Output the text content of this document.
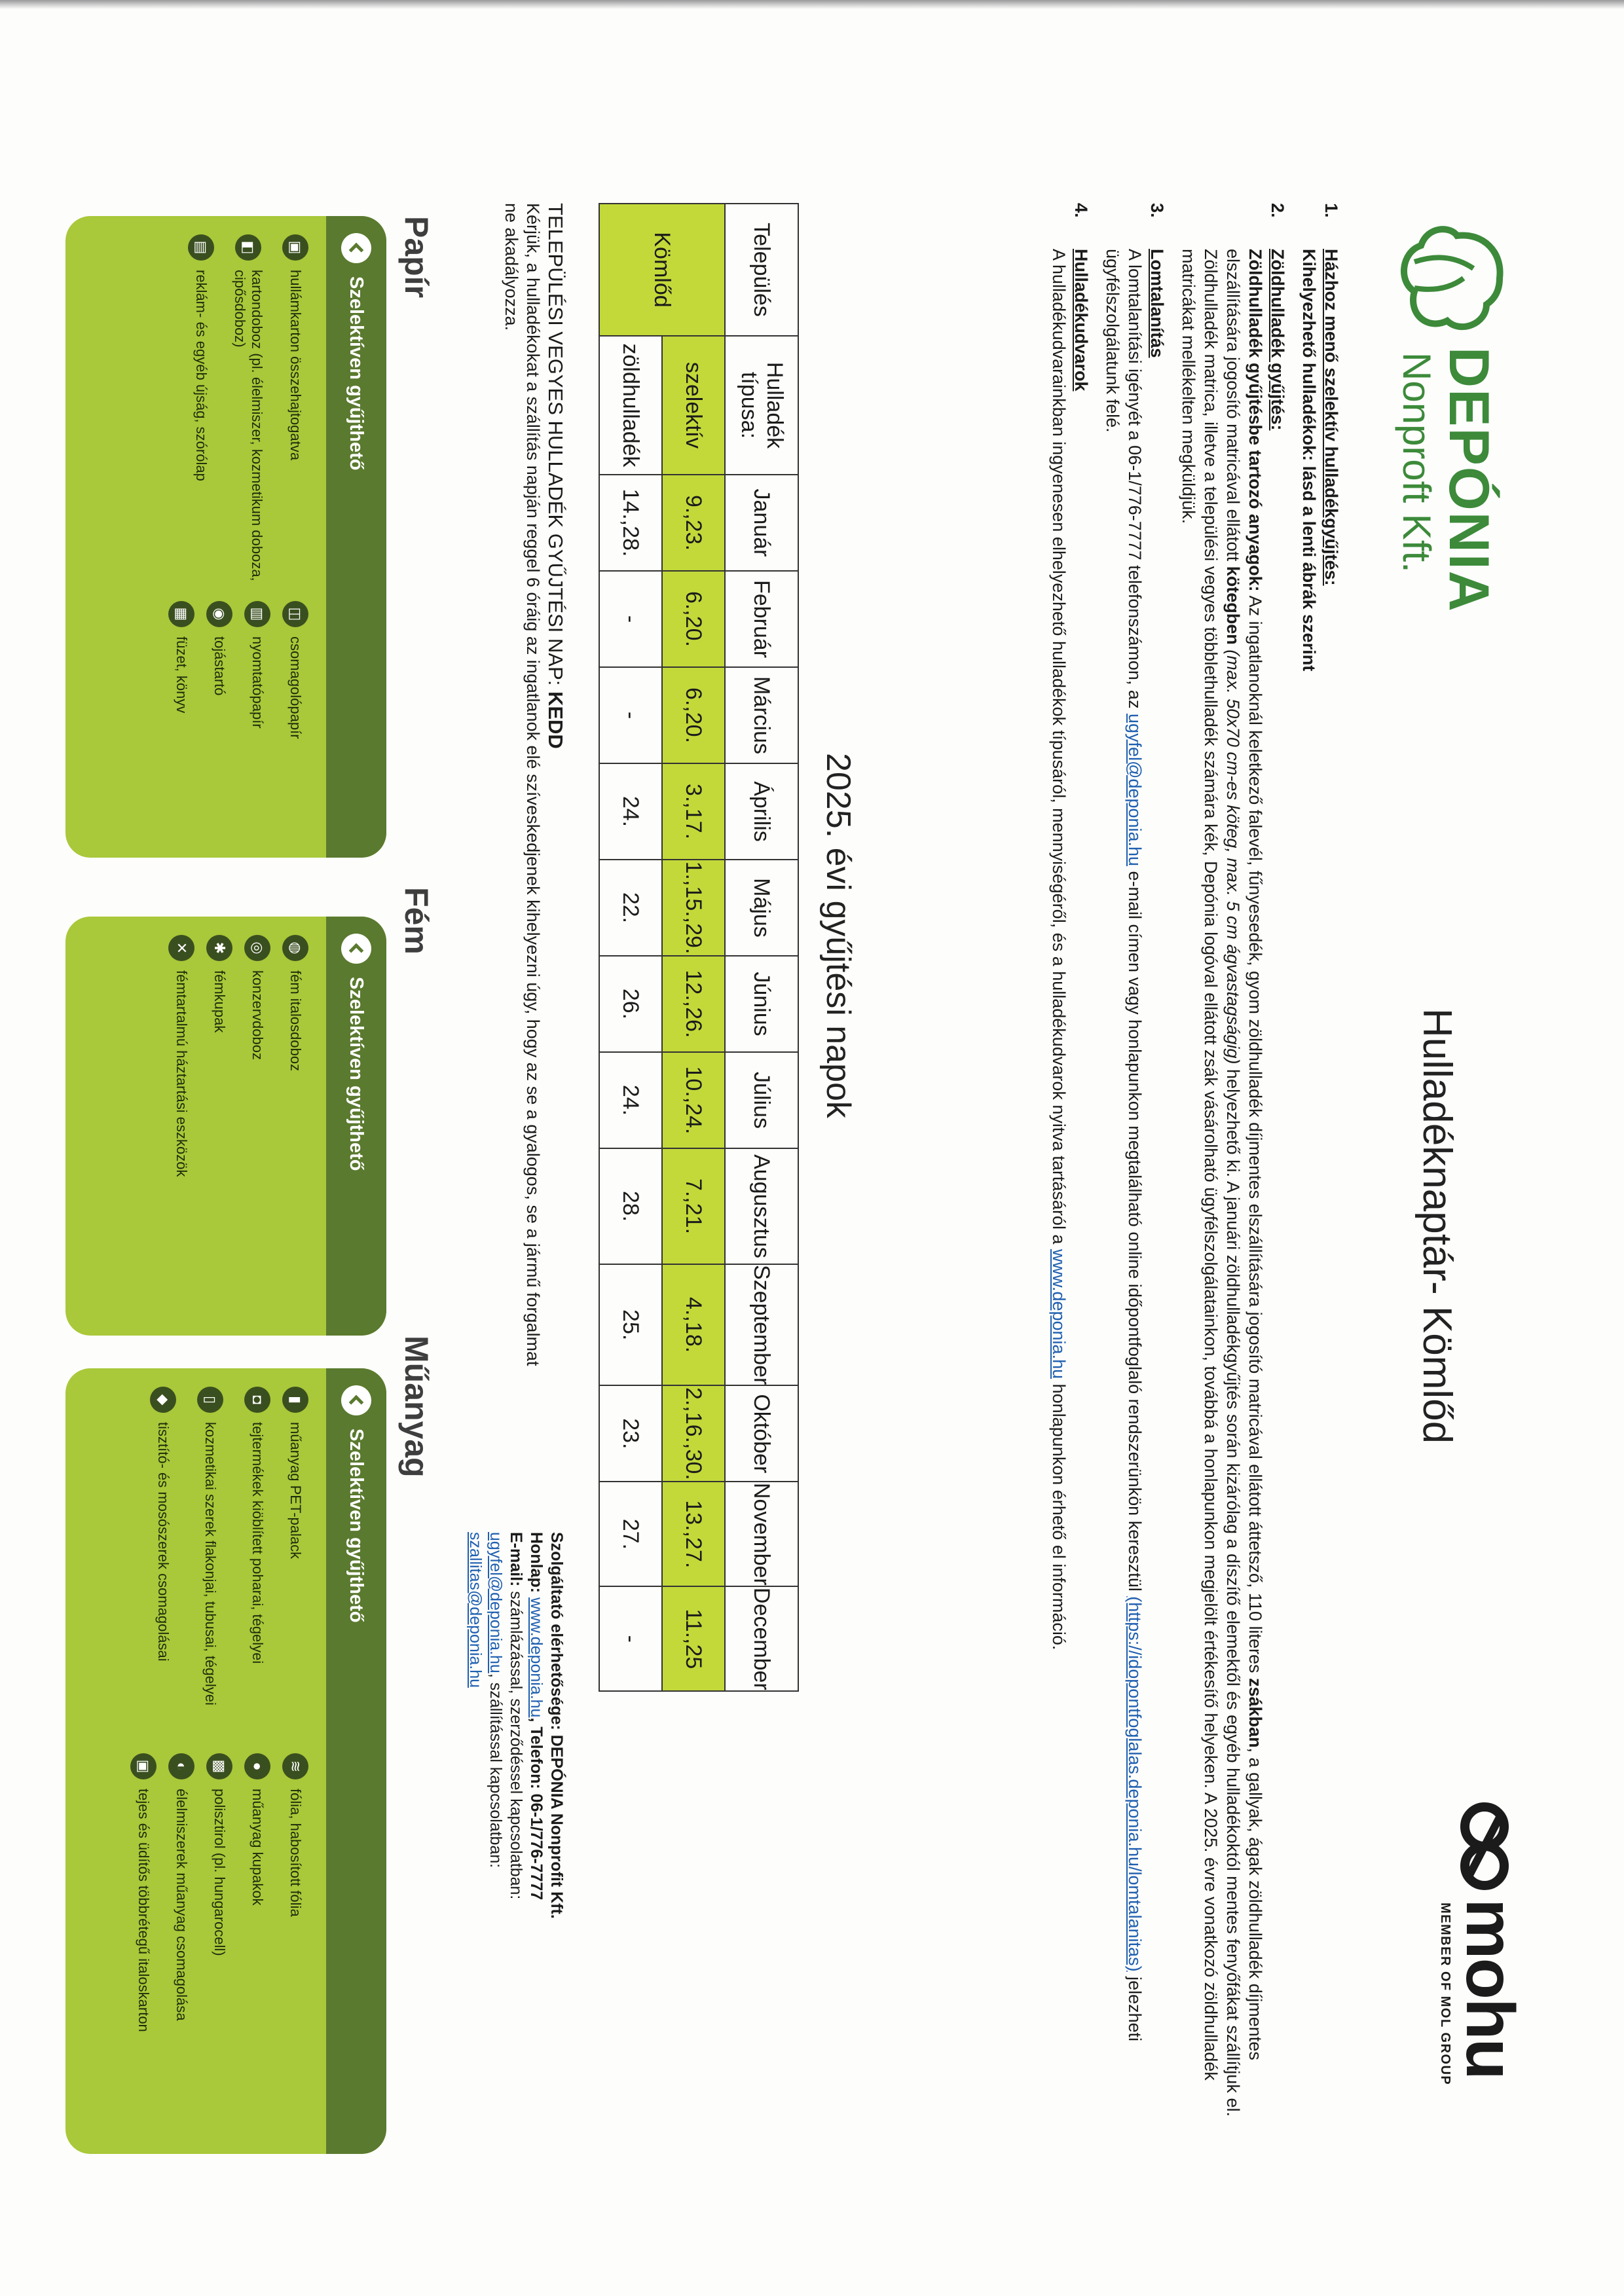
DEPÓNIA
Nonproft Kft.
Hulladéknaptár- Kömlőd
mohu
MEMBER OF MOL GROUP
1.
Házhoz menő szelektív hulladékgyűjtés:
Kihelyezhető hulladékok: lásd a lenti ábrák szerint
2.
Zöldhulladék gyűjtés:
Zöldhulladék gyűjtésbe tartozó anyagok: Az ingatlanoknál keletkező falevél, fűnyesedék, gyom zöldhulladék díjmentes elszállítására jogosító matricával ellátott áttetsző, 110 literes zsákban, a gallyak, ágak zöldhulladék díjmentes elszállítására jogosító matricával ellátott kötegben (max. 50x70 cm-es köteg, max. 5 cm ágvastagságig) helyezhető ki. A januári zöldhulladékgyűjtés során kizárólag a díszítő elemektől és egyéb hulladékoktól mentes fenyőfákat szállítjuk el. Zöldhulladék matrica, illetve a települési vegyes többlethulladék számára kék, Depónia logóval ellátott zsák vásárolható ügyfélszolgálatainkon, továbbá a honlapunkon megjelölt értékesítő helyeken. A 2025. évre vonatkozó zöldhulladék matricákat mellékelten megküldjük.
3.
Lomtalanítás
A lomtalanítási igényét a 06-1/776-7777 telefonszámon, az ugyfel@deponia.hu e-mail címen vagy honlapunkon megtalálható online időpontfoglaló rendszerünkön keresztül (https://idopontfoglalas.deponia.hu/lomtalanitas) jelezheti ügyfélszolgálatunk felé.
4.
Hulladékudvarok
A hulladékudvarainkban ingyenesen elhelyezhető hulladékok típusáról, mennyiségéről, és a hulladékudvarok nyitva tartásáról a www.deponia.hu honlapunkon érhető el információ.
2025. évi gyűjtési napok
Település	Hulladék típusa:	Január	Február	Március	Április	Május	Június	Július	Augusztus	Szeptember	Október	November	December
Kömlőd	szelektív	9.,23.	6.,20.	6.,20.	3.,17.	1.,15.,29.	12.,26.	10.,24.	7.,21.	4.,18.	2.,16.,30.	13.,27.	11.,25
	zöldhulladék	14.,28.	-	-	24.	22.	26.	24.	28.	25.	23.	27.	-
TELEPÜLÉSI VEGYES HULLADÉK GYŰJTÉSI NAP: KEDD
Kérjük, a hulladékokat a szállítás napján reggel 6 óráig az ingatlanok elé szíveskedjenek kihelyezni úgy, hogy az se a gyalogos, se a jármű forgalmat ne akadályozza.
Szolgáltató elérhetősége: DEPÓNIA Nonprofit Kft.
Honlap: www.deponia.hu, Telefon: 06-1/776-7777
E-mail: számlázással, szerződéssel kapcsolatban:
ugyfel@deponia.hu, szállítással kapcsolatban:
szallitas@deponia.hu
Papír
Szelektíven gyűjthető
▣
hullámkarton összehajtogatva
◧
kartondoboz (pl. élelmiszer, kozmetikum doboza, cipősdoboz)
▤
reklám- és egyéb újság, szórólap
◫
csomagolópapír
▥
nyomtatópapír
◉
tojástartó
▦
füzet, könyv
Fém
Szelektíven gyűjthető
◍
fém italosdoboz
◎
konzervdoboz
✱
fémkupak
✕
fémtartalmú háztartási eszközök
Műanyag
Szelektíven gyűjthető
▮
műanyag PET-palack
◘
tejtermékek kiöblített poharai, tégelyei
▯
kozmetikai szerek flakonjai, tubusai, tégelyei
◆
tisztító- és mosószerek csomagolásai
≋
fólia, habosított fólia
●
műanyag kupakok
▩
polisztirol (pl. hungarocell)
◐
élelmiszerek műanyag csomagolása
▣
tejes és üdítős többrétegű italoskarton
